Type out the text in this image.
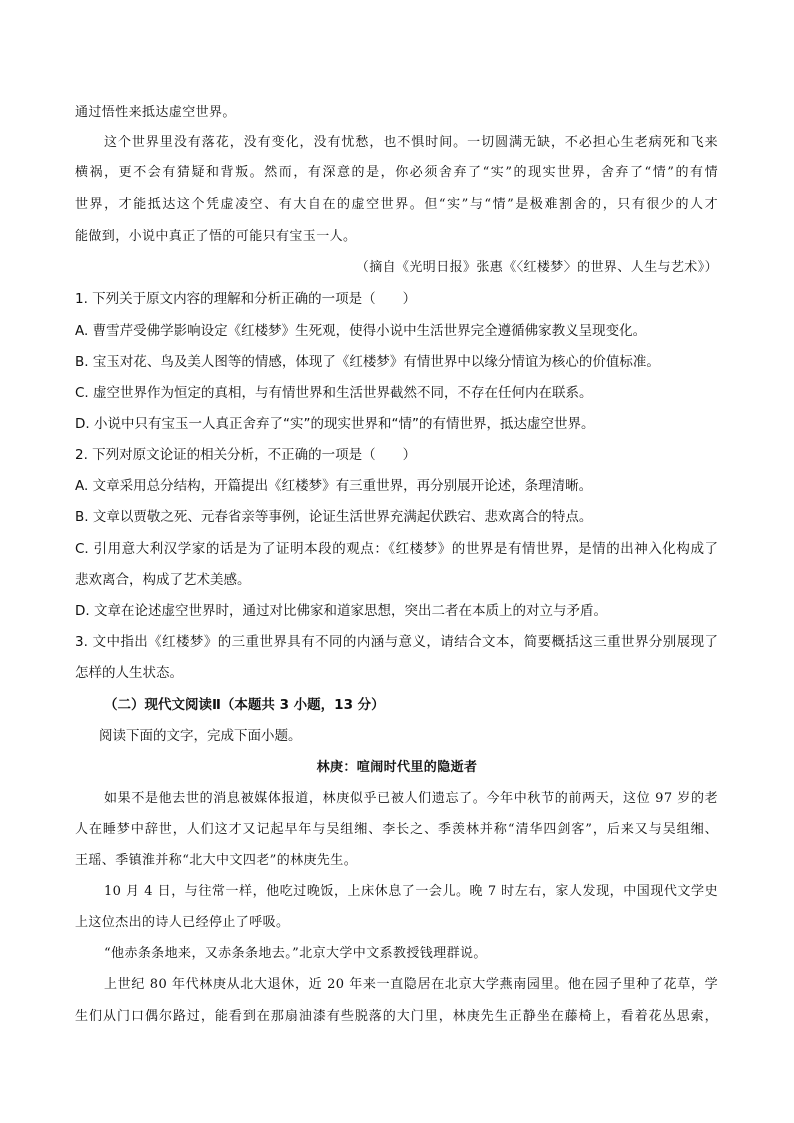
通过悟性来抵达虚空世界。
这个世界里没有落花，没有变化，没有忧愁，也不惧时间。一切圆满无缺，不必担心生老病死和飞来
横祸，更不会有猜疑和背叛。然而，有深意的是，你必须舍弃了“实”的现实世界，舍弃了“情”的有情
世界，才能抵达这个凭虚凌空、有大自在的虚空世界。但“实”与“情”是极难割舍的，只有很少的人才
能做到，小说中真正了悟的可能只有宝玉一人。
（摘自《光明日报》张惠《〈红楼梦〉的世界、人生与艺术》）
1. 下列关于原文内容的理解和分析正确的一项是（　　）
A. 曹雪芹受佛学影响设定《红楼梦》生死观，使得小说中生活世界完全遵循佛家教义呈现变化。
B. 宝玉对花、鸟及美人图等的情感，体现了《红楼梦》有情世界中以缘分情谊为核心的价值标准。
C. 虚空世界作为恒定的真相，与有情世界和生活世界截然不同，不存在任何内在联系。
D. 小说中只有宝玉一人真正舍弃了“实”的现实世界和“情”的有情世界，抵达虚空世界。
2. 下列对原文论证的相关分析，不正确的一项是（　　）
A. 文章采用总分结构，开篇提出《红楼梦》有三重世界，再分别展开论述，条理清晰。
B. 文章以贾敬之死、元春省亲等事例，论证生活世界充满起伏跌宕、悲欢离合的特点。
C. 引用意大利汉学家的话是为了证明本段的观点：《红楼梦》的世界是有情世界，是情的出神入化构成了
悲欢离合，构成了艺术美感。
D. 文章在论述虚空世界时，通过对比佛家和道家思想，突出二者在本质上的对立与矛盾。
3. 文中指出《红楼梦》的三重世界具有不同的内涵与意义，请结合文本，简要概括这三重世界分别展现了
怎样的人生状态。
（二）现代文阅读Ⅱ（本题共 3 小题，13 分）
阅读下面的文字，完成下面小题。
林庚：喧闹时代里的隐逝者
如果不是他去世的消息被媒体报道，林庚似乎已被人们遗忘了。今年中秋节的前两天，这位 97 岁的老
人在睡梦中辞世，人们这才又记起早年与吴组缃、李长之、季羡林并称“清华四剑客”，后来又与吴组缃、
王瑶、季镇淮并称“北大中文四老”的林庚先生。
10 月 4 日，与往常一样，他吃过晚饭，上床休息了一会儿。晚 7 时左右，家人发现，中国现代文学史
上这位杰出的诗人已经停止了呼吸。
“他赤条条地来，又赤条条地去。”北京大学中文系教授钱理群说。
上世纪 80 年代林庚从北大退休，近 20 年来一直隐居在北京大学燕南园里。他在园子里种了花草，学
生们从门口偶尔路过，能看到在那扇油漆有些脱落的大门里，林庚先生正静坐在藤椅上，看着花丛思索，
